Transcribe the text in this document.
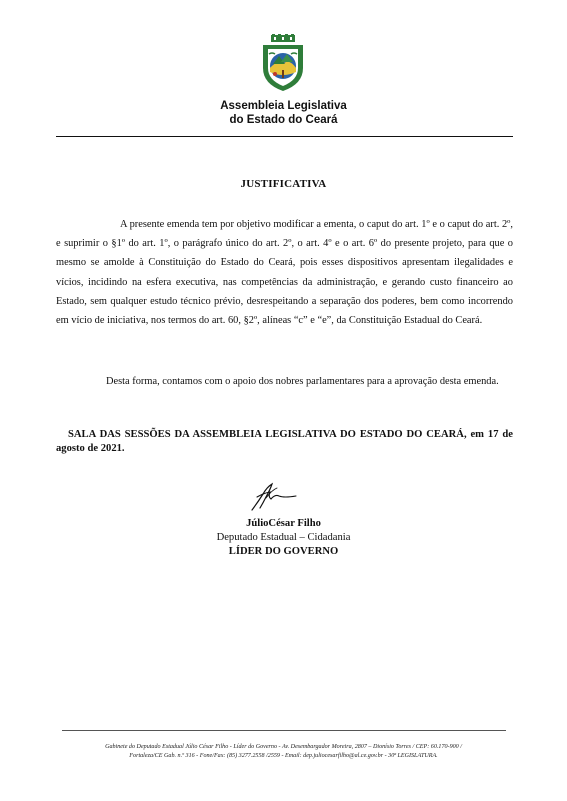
Assembleia Legislativa
do Estado do Ceará
JUSTIFICATIVA

A presente emenda tem por objetivo modificar a ementa, o caput do art. 1º e o caput do art. 2º, e suprimir o §1º do art. 1º, o parágrafo único do art. 2º, o art. 4º e o art. 6º do presente projeto, para que o mesmo se amolde à Constituição do Estado do Ceará, pois esses dispositivos apresentam ilegalidades e vícios, incidindo na esfera executiva, nas competências da administração, e gerando custo financeiro ao Estado, sem qualquer estudo técnico prévio, desrespeitando a separação dos poderes, bem como incorrendo em vício de iniciativa, nos termos do art. 60, §2º, alíneas “c” e “e”, da Constituição Estadual do Ceará.

Desta forma, contamos com o apoio dos nobres parlamentares para a aprovação desta emenda.

SALA DAS SESSÕES DA ASSEMBLEIA LEGISLATIVA DO ESTADO DO CEARÁ, em 17 de agosto de 2021.

JúlioCésar Filho
Deputado Estadual – Cidadania
LÍDER DO GOVERNO
Gabinete do Deputado Estadual Júlio César Filho - Líder do Governo - Av. Desembargador Moreira, 2807 – Dionísio Torres / CEP: 60.170-900 /
Fortaleza/CE Gab. n.º 316 - Fone/Fax: (85) 3277.2558 /2559 - Email: dep.juliocesarfilho@al.ce.gov.br - 30ª LEGISLATURA.
